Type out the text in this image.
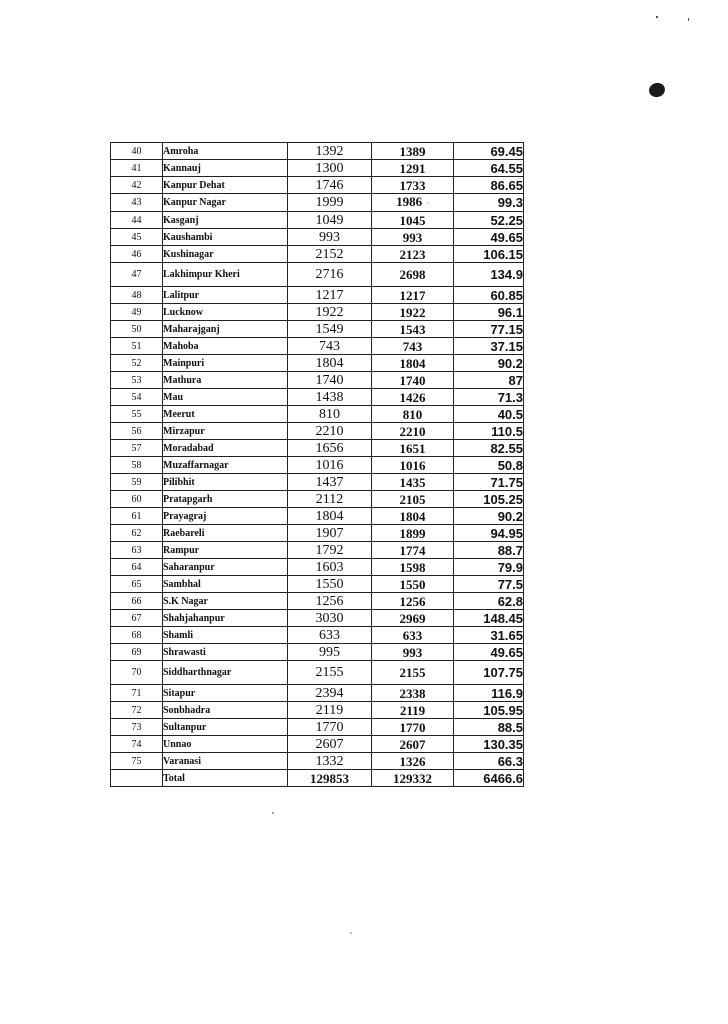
40	Amroha	1392	1389	69.45
41	Kannauj	1300	1291	64.55
42	Kanpur Dehat	1746	1733	86.65
43	Kanpur Nagar	1999	1986 ·	99.3
44	Kasganj	1049	1045	52.25
45	Kaushambi	993	993	49.65
46	Kushinagar	2152	2123	106.15
47	Lakhimpur Kheri	2716	2698	134.9
48	Lalitpur	1217	1217	60.85
49	Lucknow	1922	1922	96.1
50	Maharajganj	1549	1543	77.15
51	Mahoba	743	743	37.15
52	Mainpuri	1804	1804	90.2
53	Mathura	1740	1740	87
54	Mau	1438	1426	71.3
55	Meerut	810	810	40.5
56	Mirzapur	2210	2210	110.5
57	Moradabad	1656	1651	82.55
58	Muzaffarnagar	1016	1016	50.8
59	Pilibhit	1437	1435	71.75
60	Pratapgarh	2112	2105	105.25
61	Prayagraj	1804	1804	90.2
62	Raebareli	1907	1899	94.95
63	Rampur	1792	1774	88.7
64	Saharanpur	1603	1598	79.9
65	Sambhal	1550	1550	77.5
66	S.K Nagar	1256	1256	62.8
67	Shahjahanpur	3030	2969	148.45
68	Shamli	633	633	31.65
69	Shrawasti	995	993	49.65
70	Siddharthnagar	2155	2155	107.75
71	Sitapur	2394	2338	116.9
72	Sonbhadra	2119	2119	105.95
73	Sultanpur	1770	1770	88.5
74	Unnao	2607	2607	130.35
75	Varanasi	1332	1326	66.3
	Total	129853	129332	6466.6
